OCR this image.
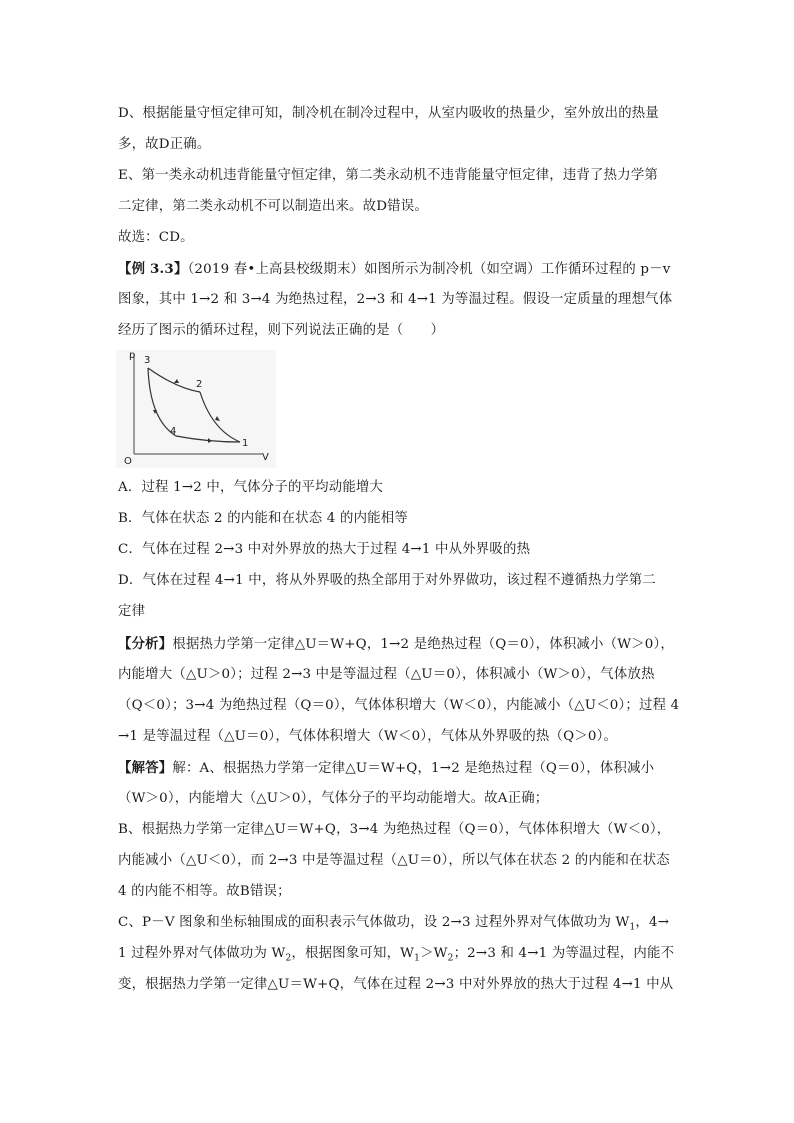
D、根据能量守恒定律可知，制冷机在制冷过程中，从室内吸收的热量少，室外放出的热量
多，故D正确。
E、第一类永动机违背能量守恒定律，第二类永动机不违背能量守恒定律，违背了热力学第
二定律，第二类永动机不可以制造出来。故D错误。
故选：CD。
【例 3.3】（2019 春•上高县校级期末）如图所示为制冷机（如空调）工作循环过程的 p－v
图象，其中 1→2 和 3→4 为绝热过程，2→3 和 4→1 为等温过程。假设一定质量的理想气体
经历了图示的循环过程，则下列说法正确的是（　　）
p
V
O
3
2
4
1
A．过程 1→2 中，气体分子的平均动能增大
B．气体在状态 2 的内能和在状态 4 的内能相等
C．气体在过程 2→3 中对外界放的热大于过程 4→1 中从外界吸的热
D．气体在过程 4→1 中，将从外界吸的热全部用于对外界做功，该过程不遵循热力学第二
定律
【分析】根据热力学第一定律△U＝W+Q，1→2 是绝热过程（Q＝0），体积减小（W＞0），
内能增大（△U＞0）；过程 2→3 中是等温过程（△U＝0），体积减小（W＞0），气体放热
（Q＜0）；3→4 为绝热过程（Q＝0），气体体积增大（W＜0），内能减小（△U＜0）；过程 4
→1 是等温过程（△U＝0），气体体积增大（W＜0），气体从外界吸的热（Q＞0）。
【解答】解：A、根据热力学第一定律△U＝W+Q，1→2 是绝热过程（Q＝0），体积减小
（W＞0），内能增大（△U＞0），气体分子的平均动能增大。故A正确；
B、根据热力学第一定律△U＝W+Q，3→4 为绝热过程（Q＝0），气体体积增大（W＜0），
内能减小（△U＜0），而 2→3 中是等温过程（△U＝0），所以气体在状态 2 的内能和在状态
4 的内能不相等。故B错误；
C、P－V 图象和坐标轴围成的面积表示气体做功，设 2→3 过程外界对气体做功为 $W_1$，4→
1 过程外界对气体做功为 $W_2$，根据图象可知，$W_1>W_2$；2→3 和 4→1 为等温过程，内能不
变，根据热力学第一定律△U＝W+Q，气体在过程 2→3 中对外界放的热大于过程 4→1 中从
